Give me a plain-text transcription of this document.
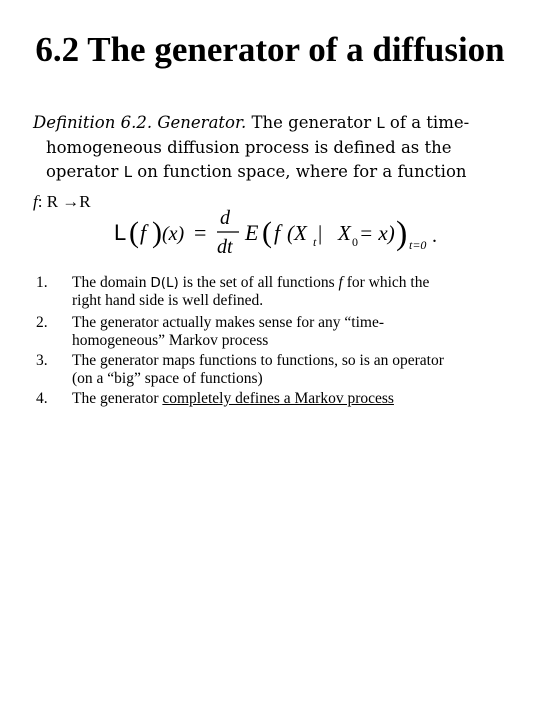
6.2 The generator of a diffusion
Definition 6.2. Generator. The generator L of a time-
homogeneous diffusion process is defined as the
operator L on function space, where for a function
f: R →R
L ( f ) (x) =
d
dt
E ( f (X t | X 0 = x) ) t=0 .
1. The domain D(L) is the set of all functions f for which the
right hand side is well defined.
2. The generator actually makes sense for any “time-
homogeneous” Markov process
3. The generator maps functions to functions, so is an operator
(on a “big” space of functions)
4. The generator completely defines a Markov process
